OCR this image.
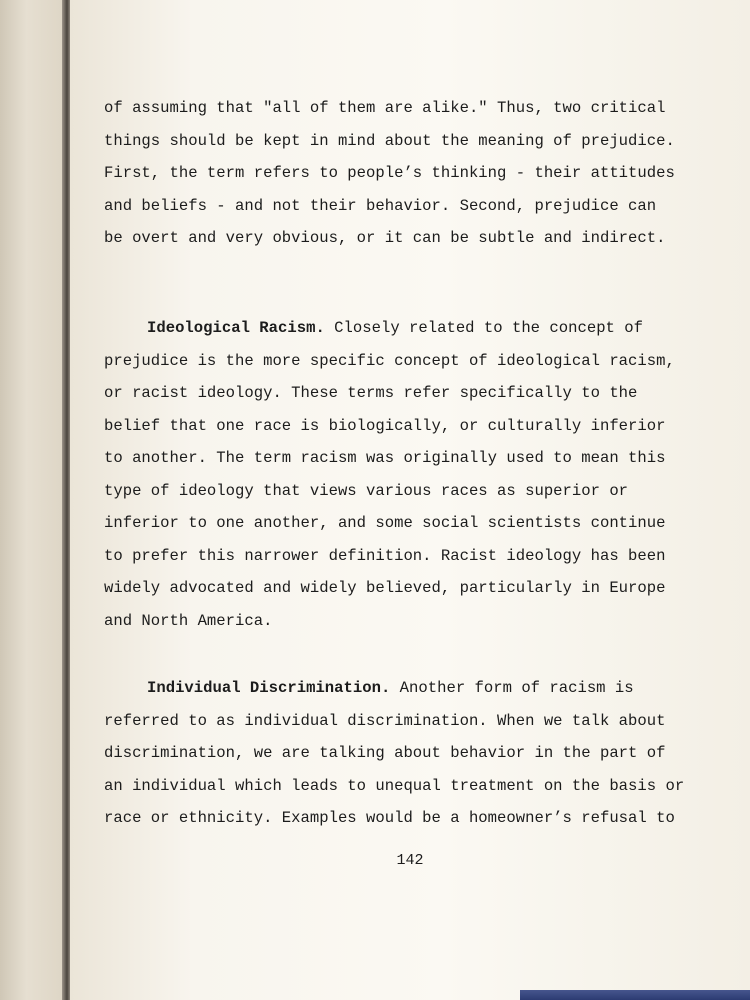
of assuming that "all of them are alike." Thus, two critical
things should be kept in mind about the meaning of prejudice.
First, the term refers to people’s thinking - their attitudes
and beliefs - and not their behavior. Second, prejudice can
be overt and very obvious, or it can be subtle and indirect.
Ideological Racism. Closely related to the concept of
prejudice is the more specific concept of ideological racism,
or racist ideology. These terms refer specifically to the
belief that one race is biologically, or culturally inferior
to another. The term racism was originally used to mean this
type of ideology that views various races as superior or
inferior to one another, and some social scientists continue
to prefer this narrower definition. Racist ideology has been
widely advocated and widely believed, particularly in Europe
and North America.
Individual Discrimination. Another form of racism is
referred to as individual discrimination. When we talk about
discrimination, we are talking about behavior in the part of
an individual which leads to unequal treatment on the basis or
race or ethnicity. Examples would be a homeowner’s refusal to
142
